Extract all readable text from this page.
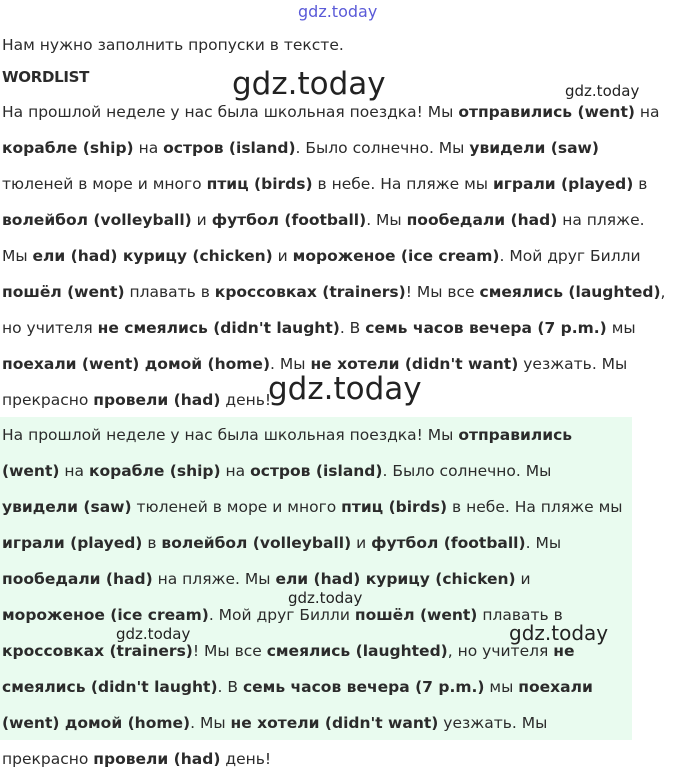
gdz.today

Нам нужно заполнить пропуски в тексте.

WORDLIST

На прошлой неделе у нас была школьная поездка! Мы отправились (went) на корабле (ship) на остров (island). Было солнечно. Мы увидели (saw) тюленей в море и много птиц (birds) в небе. На пляже мы играли (played) в волейбол (volleyball) и футбол (football). Мы пообедали (had) на пляже. Мы ели (had) курицу (chicken) и мороженое (ice cream). Мой друг Билли пошёл (went) плавать в кроссовках (trainers)! Мы все смеялись (laughted), но учителя не смеялись (didn't laught). В семь часов вечера (7 p.m.) мы поехали (went) домой (home). Мы не хотели (didn't want) уезжать. Мы прекрасно провели (had) день!

На прошлой неделе у нас была школьная поездка! Мы отправились (went) на корабле (ship) на остров (island). Было солнечно. Мы увидели (saw) тюленей в море и много птиц (birds) в небе. На пляже мы играли (played) в волейбол (volleyball) и футбол (football). Мы пообедали (had) на пляже. Мы ели (had) курицу (chicken) и мороженое (ice cream). Мой друг Билли пошёл (went) плавать в кроссовках (trainers)! Мы все смеялись (laughted), но учителя не смеялись (didn't laught). В семь часов вечера (7 p.m.) мы поехали (went) домой (home). Мы не хотели (didn't want) уезжать. Мы прекрасно провели (had) день!

gdz.today	gdz.today
gdz.today
gdz.today
gdz.today	gdz.today
